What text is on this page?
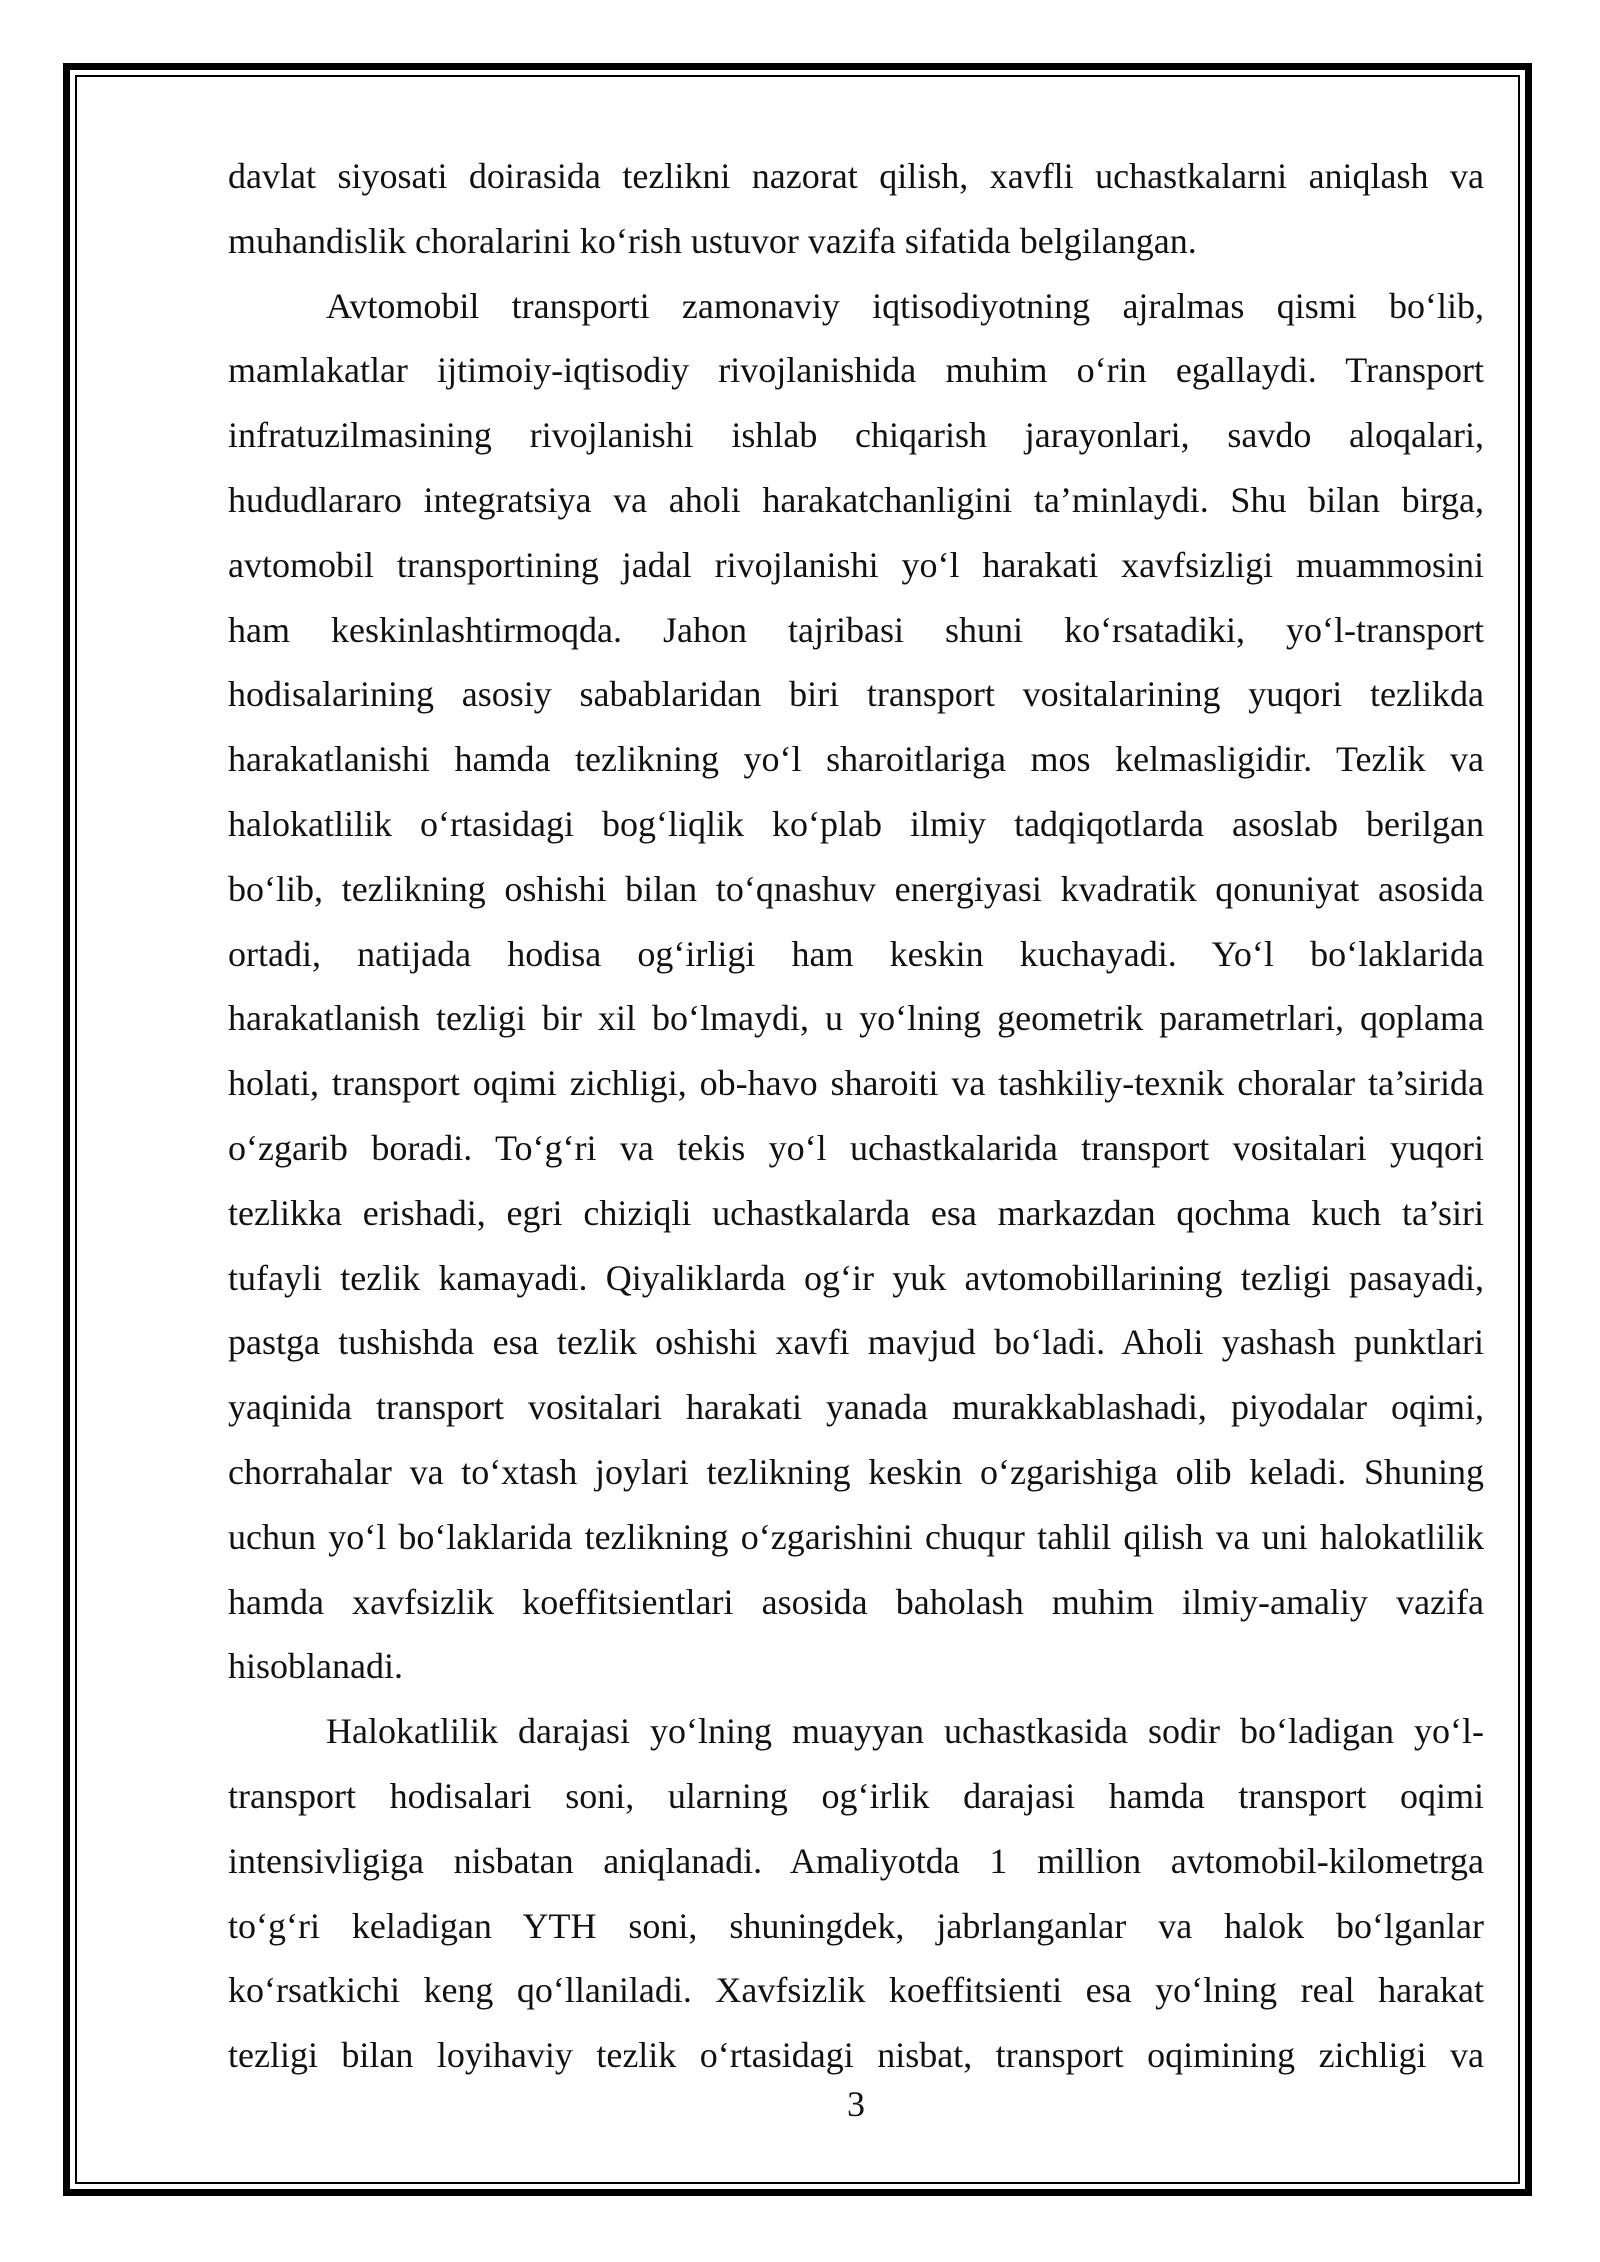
davlat siyosati doirasida tezlikni nazorat qilish, xavfli uchastkalarni aniqlash va
muhandislik choralarini ko‘rish ustuvor vazifa sifatida belgilangan.
Avtomobil transporti zamonaviy iqtisodiyotning ajralmas qismi bo‘lib,
mamlakatlar ijtimoiy-iqtisodiy rivojlanishida muhim o‘rin egallaydi. Transport
infratuzilmasining rivojlanishi ishlab chiqarish jarayonlari, savdo aloqalari,
hududlararo integratsiya va aholi harakatchanligini ta’minlaydi. Shu bilan birga,
avtomobil transportining jadal rivojlanishi yo‘l harakati xavfsizligi muammosini
ham keskinlashtirmoqda. Jahon tajribasi shuni ko‘rsatadiki, yo‘l-transport
hodisalarining asosiy sabablaridan biri transport vositalarining yuqori tezlikda
harakatlanishi hamda tezlikning yo‘l sharoitlariga mos kelmasligidir. Tezlik va
halokatlilik o‘rtasidagi bog‘liqlik ko‘plab ilmiy tadqiqotlarda asoslab berilgan
bo‘lib, tezlikning oshishi bilan to‘qnashuv energiyasi kvadratik qonuniyat asosida
ortadi, natijada hodisa og‘irligi ham keskin kuchayadi. Yo‘l bo‘laklarida
harakatlanish tezligi bir xil bo‘lmaydi, u yo‘lning geometrik parametrlari, qoplama
holati, transport oqimi zichligi, ob-havo sharoiti va tashkiliy-texnik choralar ta’sirida
o‘zgarib boradi. To‘g‘ri va tekis yo‘l uchastkalarida transport vositalari yuqori
tezlikka erishadi, egri chiziqli uchastkalarda esa markazdan qochma kuch ta’siri
tufayli tezlik kamayadi. Qiyaliklarda og‘ir yuk avtomobillarining tezligi pasayadi,
pastga tushishda esa tezlik oshishi xavfi mavjud bo‘ladi. Aholi yashash punktlari
yaqinida transport vositalari harakati yanada murakkablashadi, piyodalar oqimi,
chorrahalar va to‘xtash joylari tezlikning keskin o‘zgarishiga olib keladi. Shuning
uchun yo‘l bo‘laklarida tezlikning o‘zgarishini chuqur tahlil qilish va uni halokatlilik
hamda xavfsizlik koeffitsientlari asosida baholash muhim ilmiy-amaliy vazifa
hisoblanadi.
Halokatlilik darajasi yo‘lning muayyan uchastkasida sodir bo‘ladigan yo‘l-
transport hodisalari soni, ularning og‘irlik darajasi hamda transport oqimi
intensivligiga nisbatan aniqlanadi. Amaliyotda 1 million avtomobil-kilometrga
to‘g‘ri keladigan YTH soni, shuningdek, jabrlanganlar va halok bo‘lganlar
ko‘rsatkichi keng qo‘llaniladi. Xavfsizlik koeffitsienti esa yo‘lning real harakat
tezligi bilan loyihaviy tezlik o‘rtasidagi nisbat, transport oqimining zichligi va
3
